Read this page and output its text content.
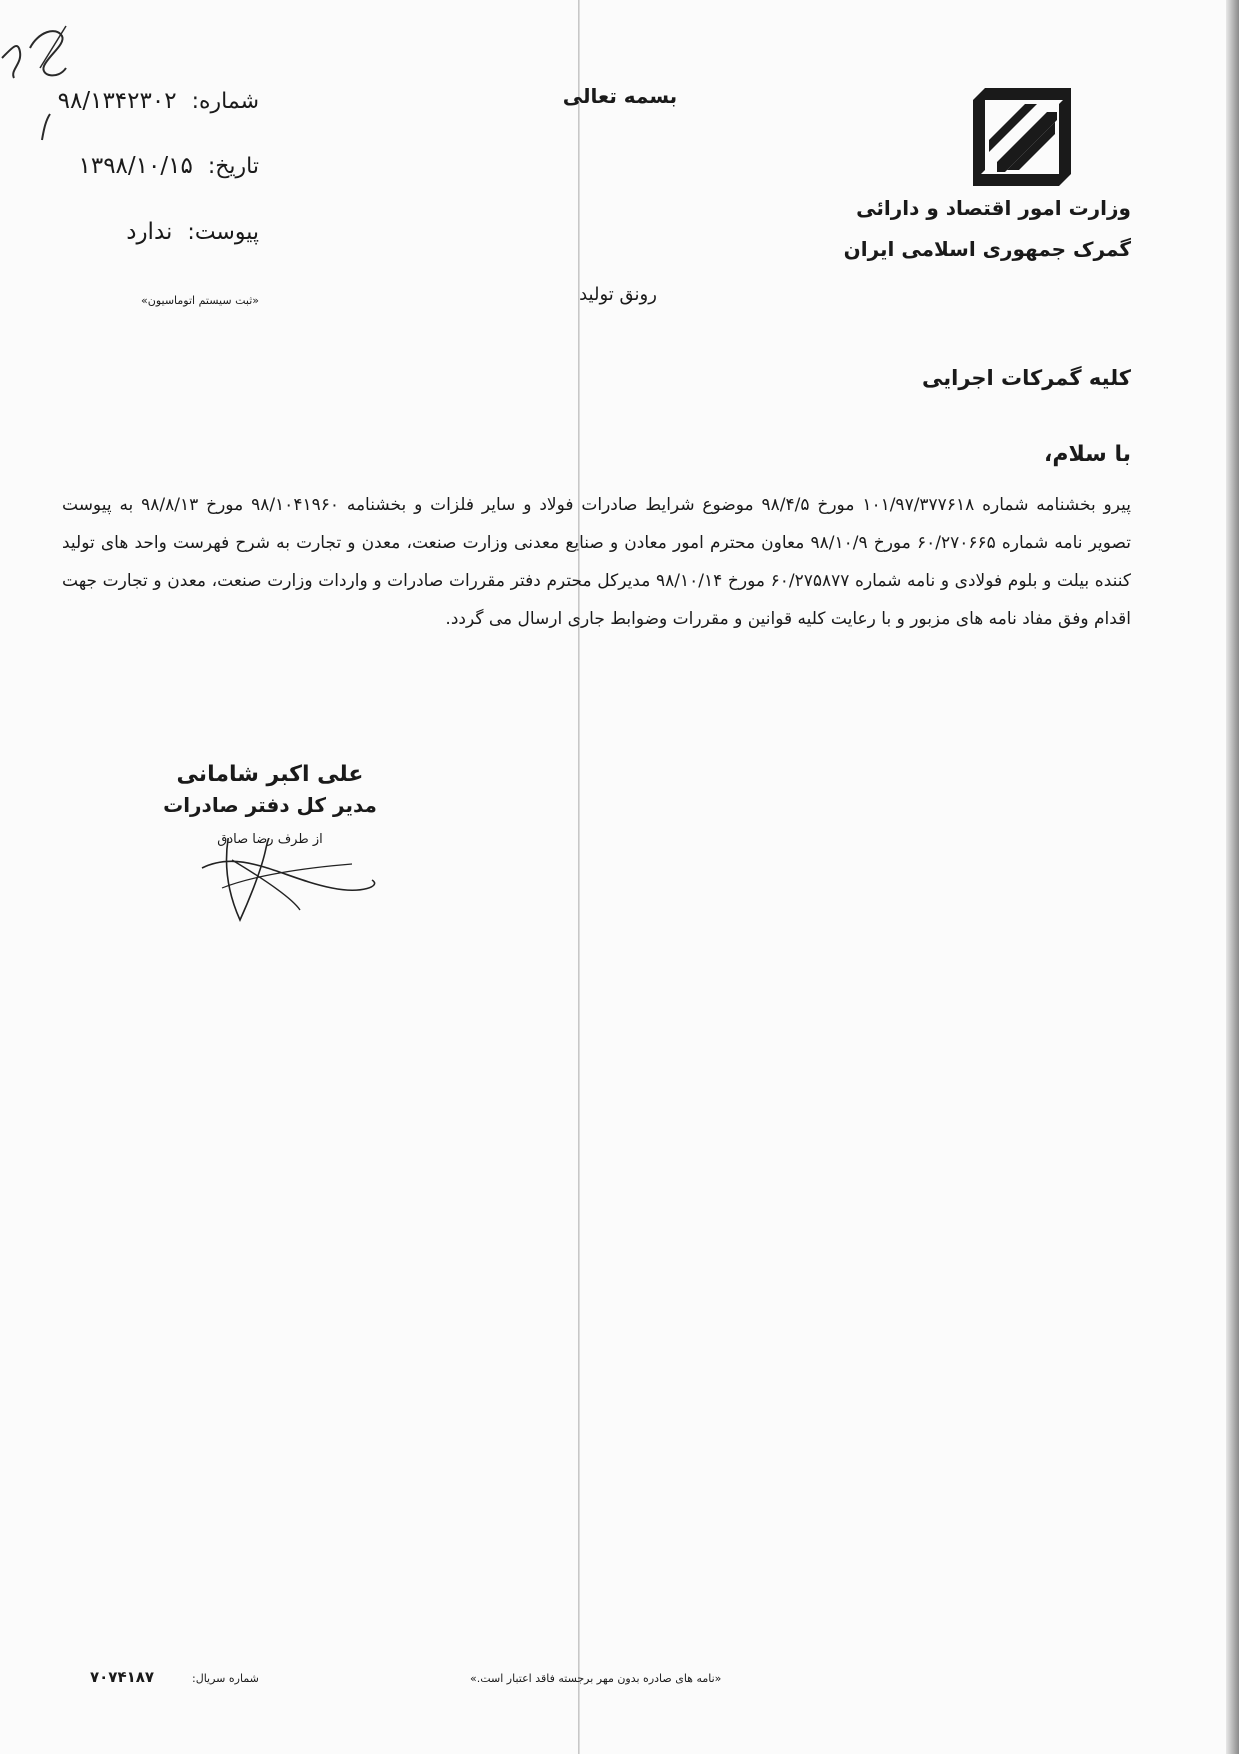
وزارت امور اقتصاد و دارائی
گمرک جمهوری اسلامی ایران
بسمه تعالی
رونق تولید
شماره: ۹۸/۱۳۴۲۳۰۲
تاریخ: ۱۳۹۸/۱۰/۱۵
پیوست: ندارد
«ثبت سیستم اتوماسیون»
کلیه گمرکات اجرایی
با سلام،
پیرو بخشنامه شماره ۱۰۱/۹۷/۳۷۷۶۱۸ مورخ ۹۸/۴/۵ موضوع شرایط صادرات فولاد و سایر فلزات و بخشنامه ۹۸/۱۰۴۱۹۶۰ مورخ ۹۸/۸/۱۳ به پیوست تصویر نامه شماره ۶۰/۲۷۰۶۶۵ مورخ ۹۸/۱۰/۹ معاون محترم امور معادن و صنایع معدنی وزارت صنعت، معدن و تجارت به شرح فهرست واحد های تولید کننده بیلت و بلوم فولادی و نامه شماره ۶۰/۲۷۵۸۷۷ مورخ ۹۸/۱۰/۱۴ مدیرکل محترم دفتر مقررات صادرات و واردات وزارت صنعت، معدن و تجارت جهت اقدام وفق مفاد نامه های مزبور و با رعایت کلیه قوانین و مقررات وضوابط جاری ارسال می گردد.
علی اکبر شامانی
مدیر کل دفتر صادرات
از طرف رضا صادق
«نامه های صادره بدون مهر برجسته فاقد اعتبار است.»
شماره سریال:
۷۰۷۴۱۸۷
